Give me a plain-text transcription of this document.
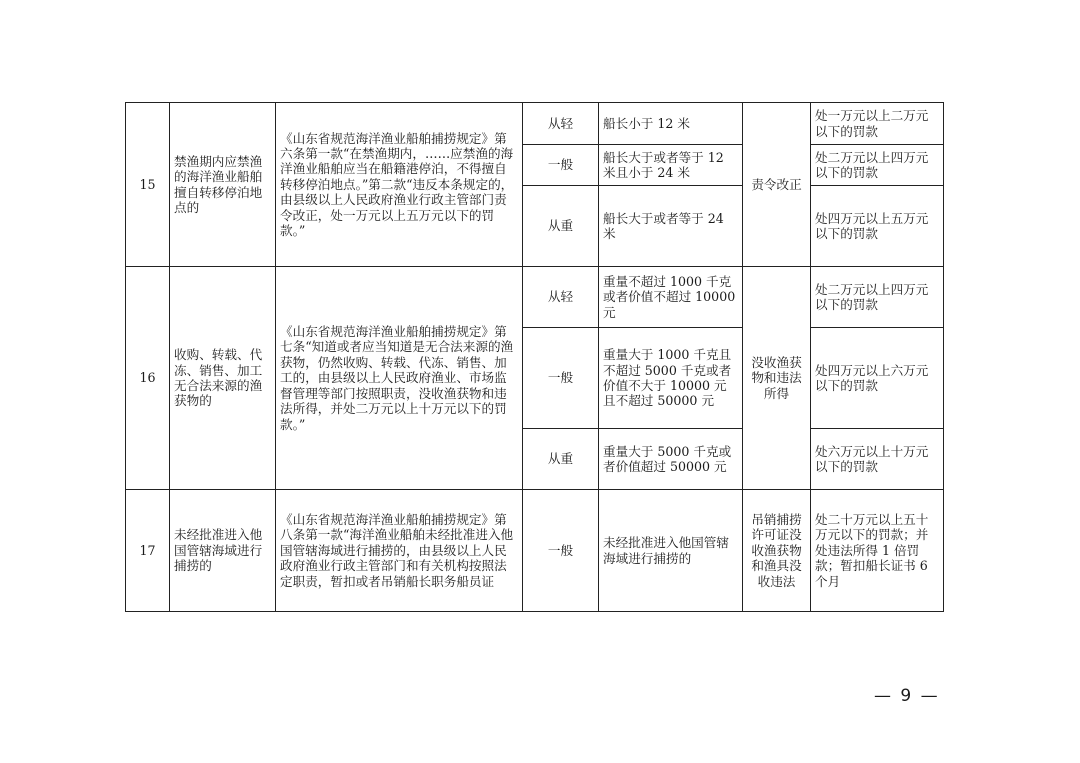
15	禁渔期内应禁渔的海洋渔业船舶擅自转移停泊地点的	《山东省规范海洋渔业船舶捕捞规定》第六条第一款“在禁渔期内，……应禁渔的海洋渔业船舶应当在船籍港停泊，不得擅自转移停泊地点。”第二款“违反本条规定的，由县级以上人民政府渔业行政主管部门责令改正，处一万元以上五万元以下的罚款。”	从轻	船长小于 12 米	责令改正	处一万元以上二万元以下的罚款
			一般	船长大于或者等于 12 米且小于 24 米		处二万元以上四万元以下的罚款
			从重	船长大于或者等于 24 米		处四万元以上五万元以下的罚款
16	收购、转载、代冻、销售、加工无合法来源的渔获物的	《山东省规范海洋渔业船舶捕捞规定》第七条“知道或者应当知道是无合法来源的渔获物，仍然收购、转载、代冻、销售、加工的，由县级以上人民政府渔业、市场监督管理等部门按照职责，没收渔获物和违法所得，并处二万元以上十万元以下的罚款。”	从轻	重量不超过 1000 千克或者价值不超过 10000 元	没收渔获物和违法所得	处二万元以上四万元以下的罚款
			一般	重量大于 1000 千克且不超过 5000 千克或者价值不大于 10000 元且不超过 50000 元		处四万元以上六万元以下的罚款
			从重	重量大于 5000 千克或者价值超过 50000 元		处六万元以上十万元以下的罚款
17	未经批准进入他国管辖海域进行捕捞的	《山东省规范海洋渔业船舶捕捞规定》第八条第一款“海洋渔业船舶未经批准进入他国管辖海域进行捕捞的，由县级以上人民政府渔业行政主管部门和有关机构按照法定职责，暂扣或者吊销船长职务船员证	一般	未经批准进入他国管辖海域进行捕捞的	吊销捕捞许可证没收渔获物和渔具没收违法	处二十万元以上五十万元以下的罚款；并处违法所得 1 倍罚款；暂扣船长证书 6 个月
— 9 —
